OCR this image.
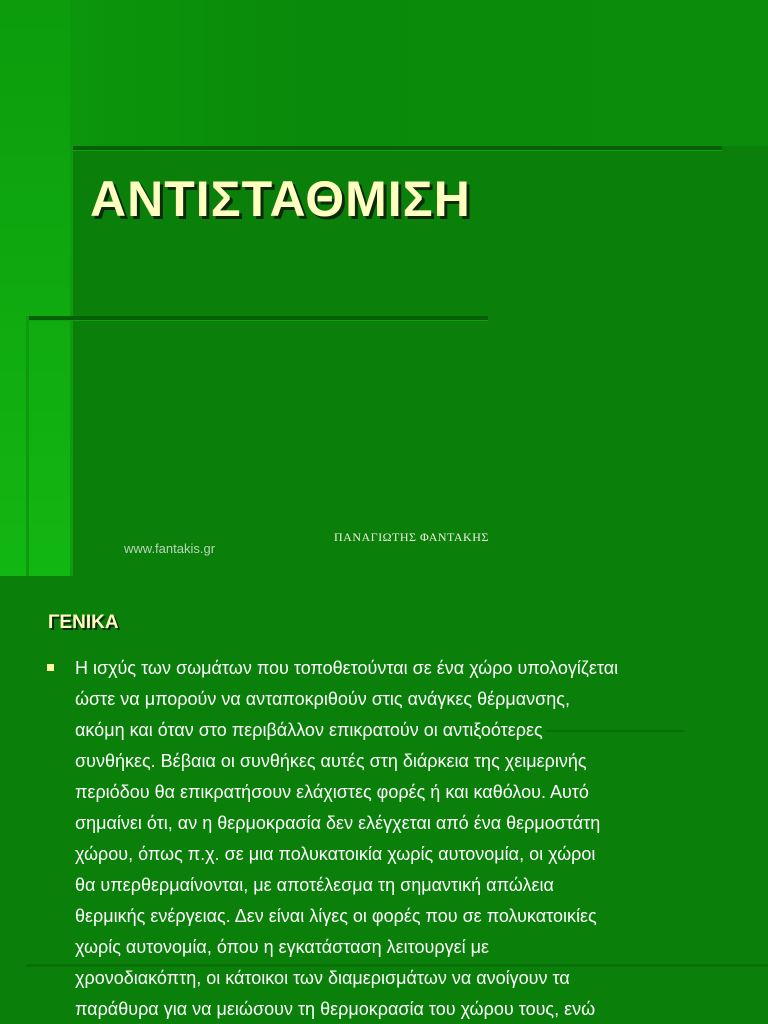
ΑΝΤΙΣΤΑΘΜΙΣΗ
ΠΑΝΑΓΙΩΤΗΣ ΦΑΝΤΑΚΗΣ
www.fantakis.gr
ΓΕΝΙΚΑ

Η ισχύς των σωμάτων που τοποθετούνται σε ένα χώρο υπολογίζεται
ώστε να μπορούν να ανταποκριθούν στις ανάγκες θέρμανσης,
ακόμη και όταν στο περιβάλλον επικρατούν οι αντιξοότερες
συνθήκες. Βέβαια οι συνθήκες αυτές στη διάρκεια της χειμερινής
περιόδου θα επικρατήσουν ελάχιστες φορές ή και καθόλου. Αυτό
σημαίνει ότι, αν η θερμοκρασία δεν ελέγχεται από ένα θερμοστάτη
χώρου, όπως π.χ. σε μια πολυκατοικία χωρίς αυτονομία, οι χώροι
θα υπερθερμαίνονται, με αποτέλεσμα τη σημαντική απώλεια
θερμικής ενέργειας. Δεν είναι λίγες οι φορές που σε πολυκατοικίες
χωρίς αυτονομία, όπου η εγκατάσταση λειτουργεί με
χρονοδιακόπτη, οι κάτοικοι των διαμερισμάτων να ανοίγουν τα
παράθυρα για να μειώσουν τη θερμοκρασία του χώρου τους, ενώ
